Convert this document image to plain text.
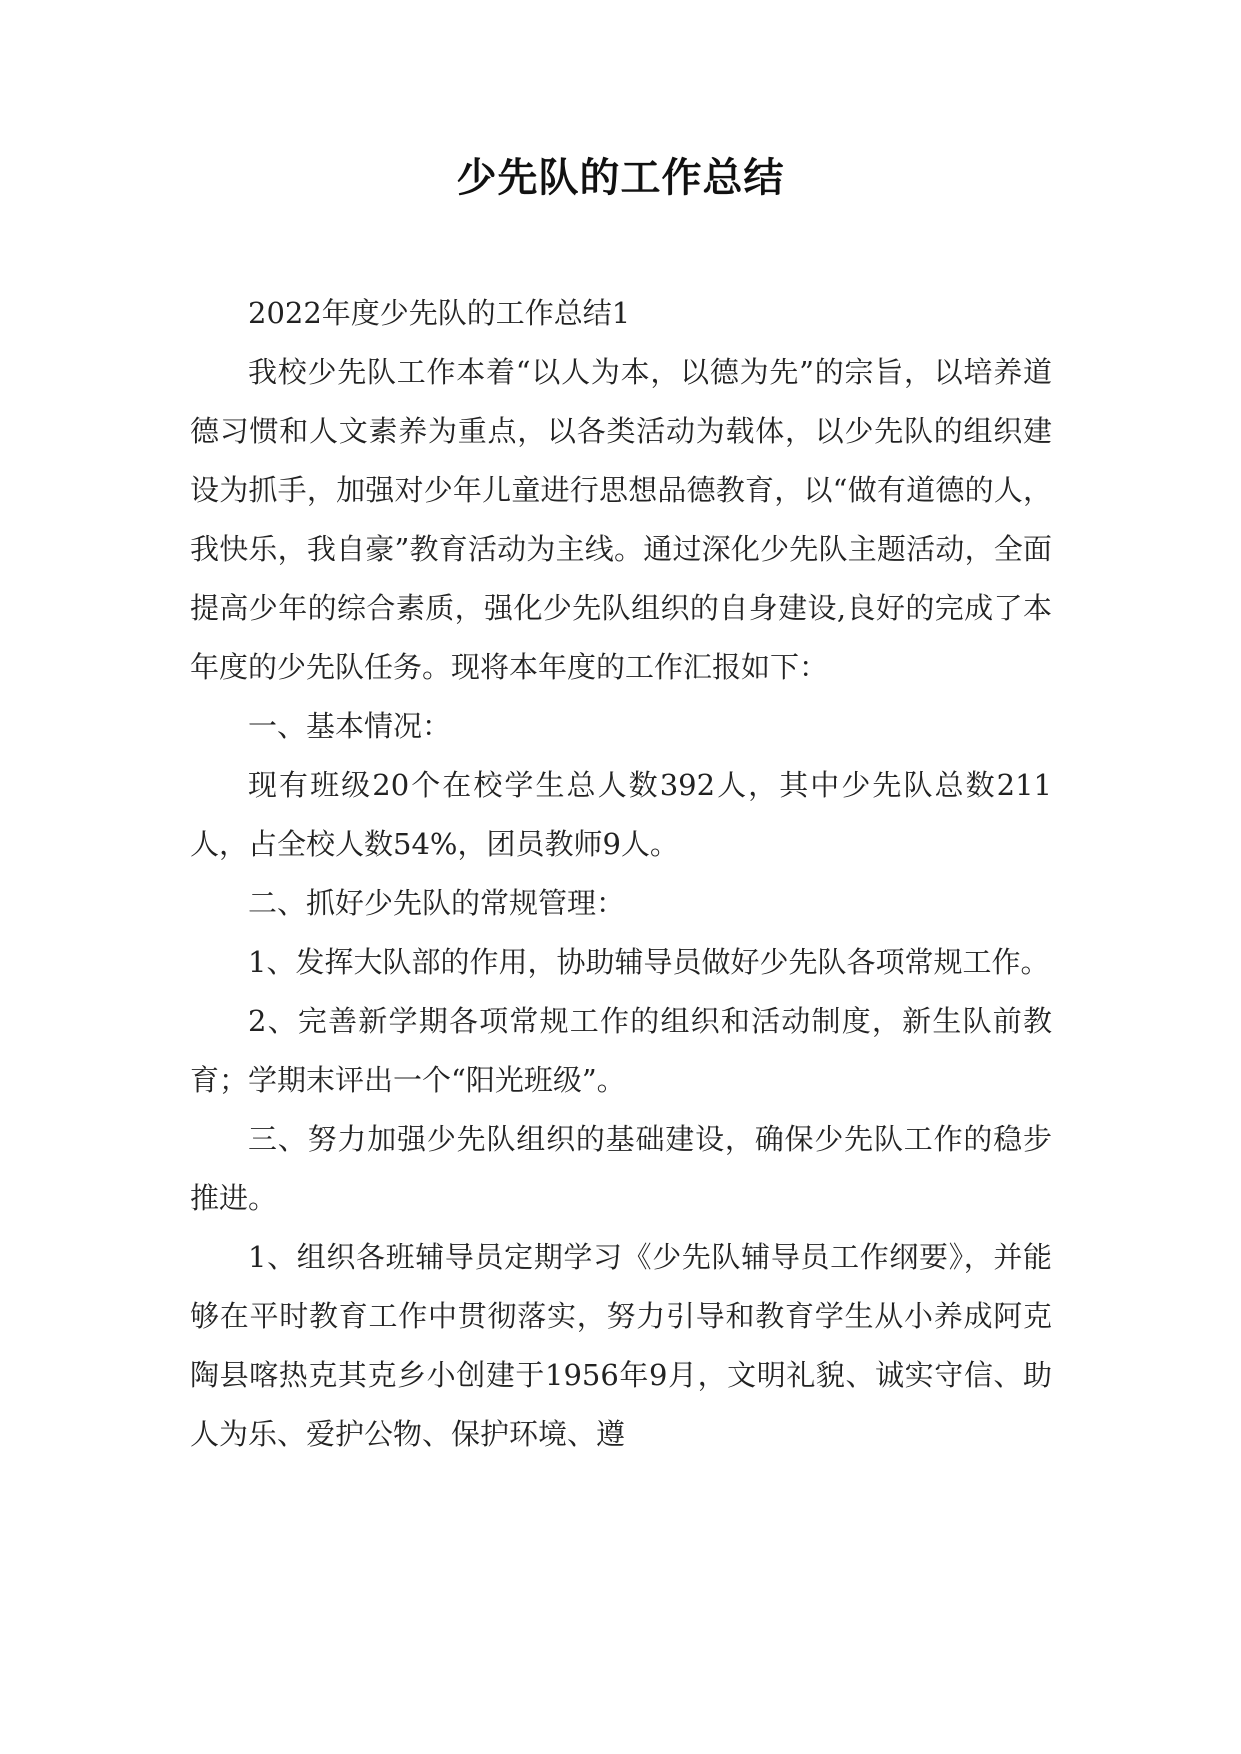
少先队的工作总结

2022年度少先队的工作总结1

我校少先队工作本着“以人为本，以德为先”的宗旨，以培养道德习惯和人文素养为重点，以各类活动为载体，以少先队的组织建设为抓手，加强对少年儿童进行思想品德教育，以“做有道德的人，我快乐，我自豪”教育活动为主线。通过深化少先队主题活动，全面提高少年的综合素质，强化少先队组织的自身建设,良好的完成了本年度的少先队任务。现将本年度的工作汇报如下：

一、基本情况：

现有班级20个在校学生总人数392人，其中少先队总数211人，占全校人数54%，团员教师9人。

二、抓好少先队的常规管理：

1、发挥大队部的作用，协助辅导员做好少先队各项常规工作。

2、完善新学期各项常规工作的组织和活动制度，新生队前教育；学期末评出一个“阳光班级”。

三、努力加强少先队组织的基础建设，确保少先队工作的稳步推进。

1、组织各班辅导员定期学习《少先队辅导员工作纲要》，并能够在平时教育工作中贯彻落实，努力引导和教育学生从小养成阿克陶县喀热克其克乡小创建于1956年9月，文明礼貌、诚实守信、助人为乐、爱护公物、保护环境、遵
